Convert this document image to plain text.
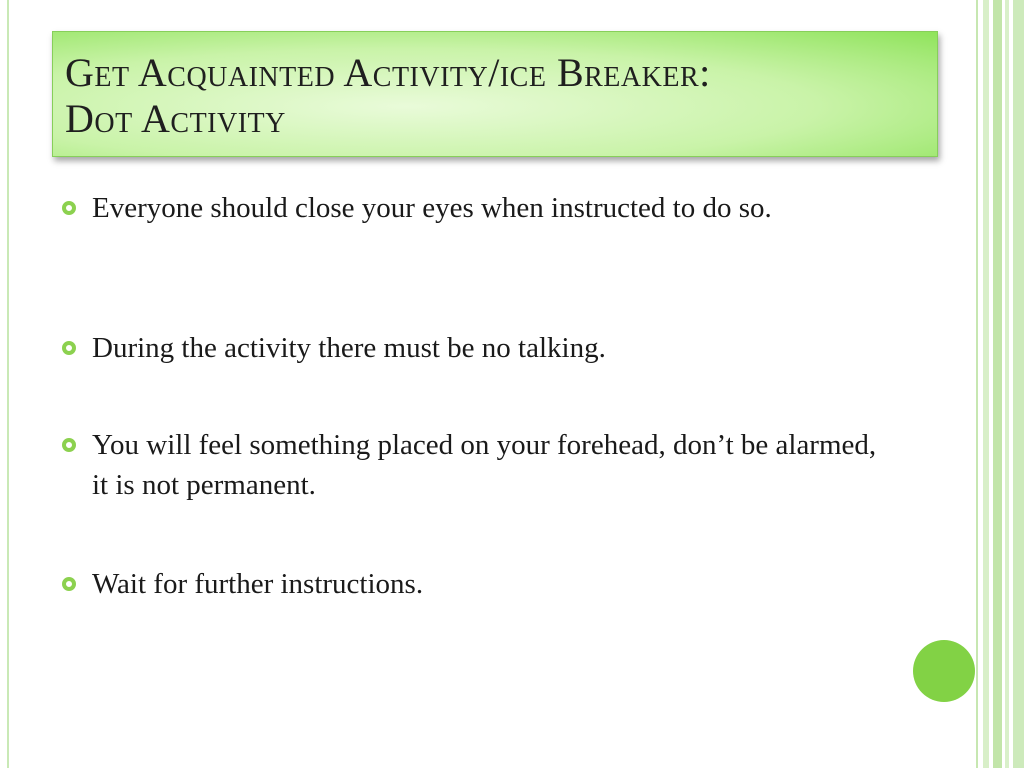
Get Acquainted Activity/ice Breaker:
Dot Activity
Everyone should close your eyes when instructed to do so.
During the activity there must be no talking.
You will feel something placed on your forehead, don’t be alarmed, it is not permanent.
Wait for further instructions.
